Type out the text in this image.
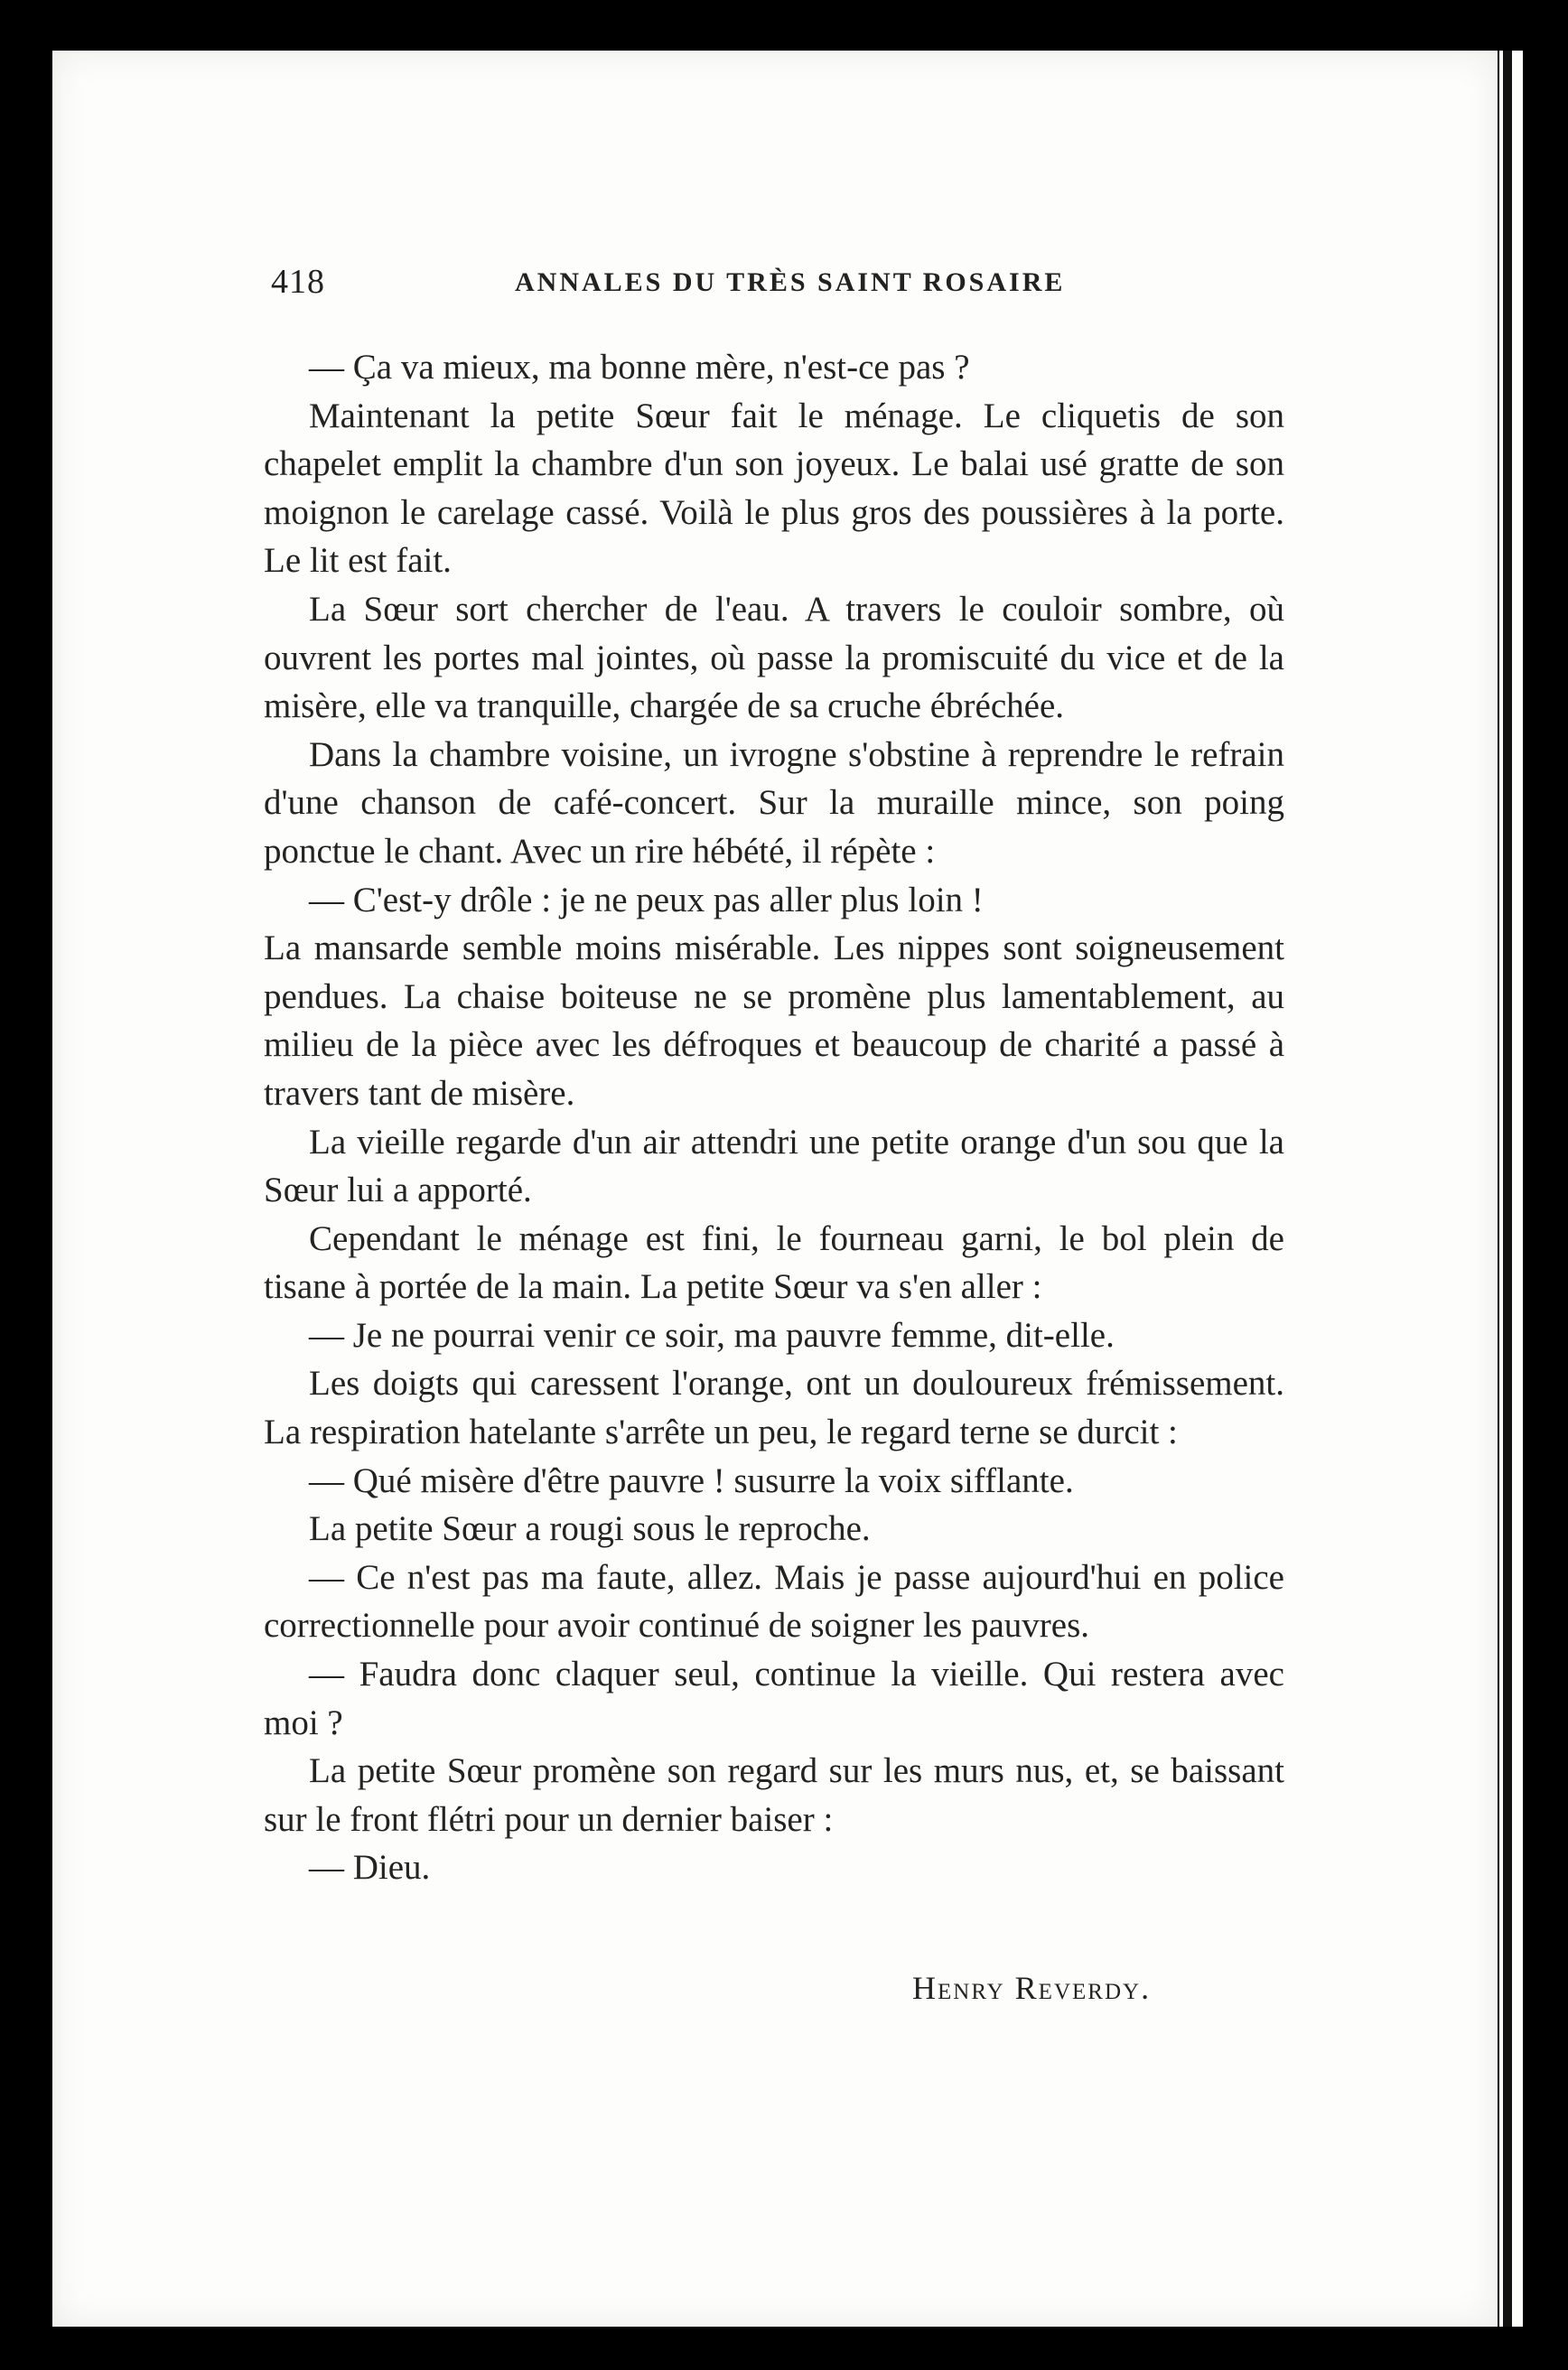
418	ANNALES DU TRÈS SAINT ROSAIRE

— Ça va mieux, ma bonne mère, n'est-ce pas ?

Maintenant la petite Sœur fait le ménage. Le cliquetis de son chapelet emplit la chambre d'un son joyeux. Le balai usé gratte de son moignon le carelage cassé. Voilà le plus gros des poussières à la porte. Le lit est fait.

La Sœur sort chercher de l'eau. A travers le couloir sombre, où ouvrent les portes mal jointes, où passe la promiscuité du vice et de la misère, elle va tranquille, chargée de sa cruche ébréchée.

Dans la chambre voisine, un ivrogne s'obstine à reprendre le refrain d'une chanson de café-concert. Sur la muraille mince, son poing ponctue le chant. Avec un rire hébété, il répète :

— C'est-y drôle : je ne peux pas aller plus loin !

La mansarde semble moins misérable. Les nippes sont soigneusement pendues. La chaise boiteuse ne se promène plus lamentablement, au milieu de la pièce avec les défroques et beaucoup de charité a passé à travers tant de misère.

La vieille regarde d'un air attendri une petite orange d'un sou que la Sœur lui a apporté.

Cependant le ménage est fini, le fourneau garni, le bol plein de tisane à portée de la main. La petite Sœur va s'en aller :

— Je ne pourrai venir ce soir, ma pauvre femme, dit-elle.

Les doigts qui caressent l'orange, ont un douloureux frémissement. La respiration hatelante s'arrête un peu, le regard terne se durcit :

— Qué misère d'être pauvre ! susurre la voix sifflante.

La petite Sœur a rougi sous le reproche.

— Ce n'est pas ma faute, allez. Mais je passe aujourd'hui en police correctionnelle pour avoir continué de soigner les pauvres.

— Faudra donc claquer seul, continue la vieille. Qui restera avec moi ?

La petite Sœur promène son regard sur les murs nus, et, se baissant sur le front flétri pour un dernier baiser :

— Dieu.

Henry Reverdy.
